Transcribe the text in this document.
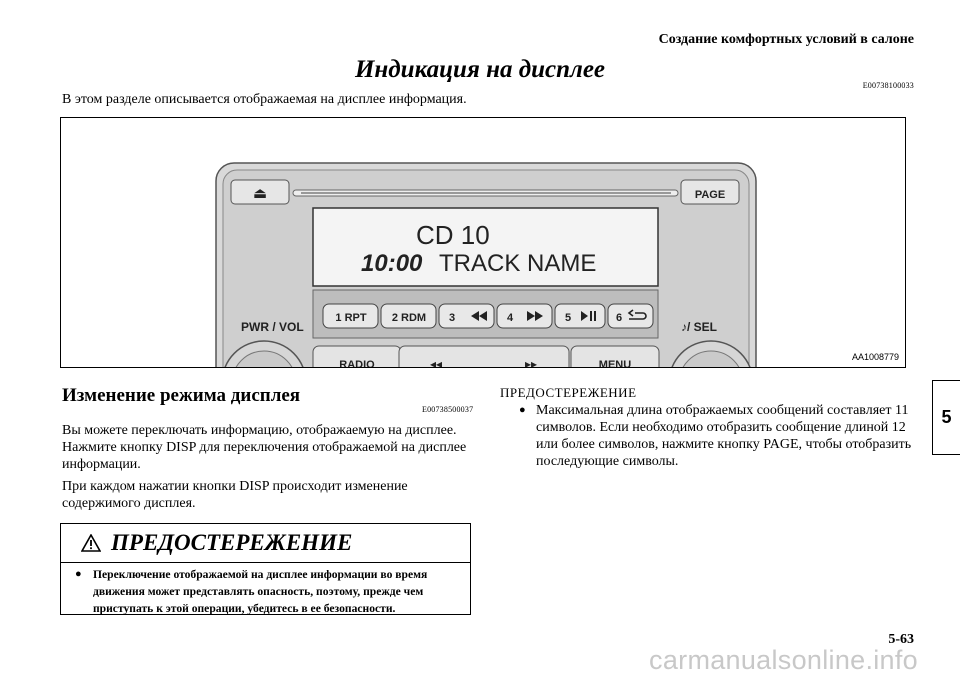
Создание комфортных условий в салоне
Индикация на дисплее
E00738100033
В этом разделе описывается отображаемая на дисплее информация.
⏏	PAGE
CD 10
10:00 TRACK NAME
1 RPT 2 RDM 3	4	5	6
PWR / VOL	♪/ SEL
RADIO	◂◂	▸▸	MENU
AA1008779
Изменение режима дисплея
E00738500037
Вы можете переключать информацию, отображаемую на дисплее. Нажмите кнопку DISP для переключения отображаемой на дисплее информации.
При каждом нажатии кнопки DISP происходит изменение содержимого дисплея.
ПРЕДОСТЕРЕЖЕНИЕ
● Переключение отображаемой на дисплее информации во время движения может представлять опасность, поэтому, прежде чем приступать к этой операции, убедитесь в ее безопасности.
ПРЕДОСТЕРЕЖЕНИЕ
● Максимальная длина отображаемых сообщений составляет 11 символов. Если необходимо отобразить сообщение длиной 12 или более символов, нажмите кнопку PAGE, чтобы отобразить последующие символы.
5
5-63
carmanualsonline.info
